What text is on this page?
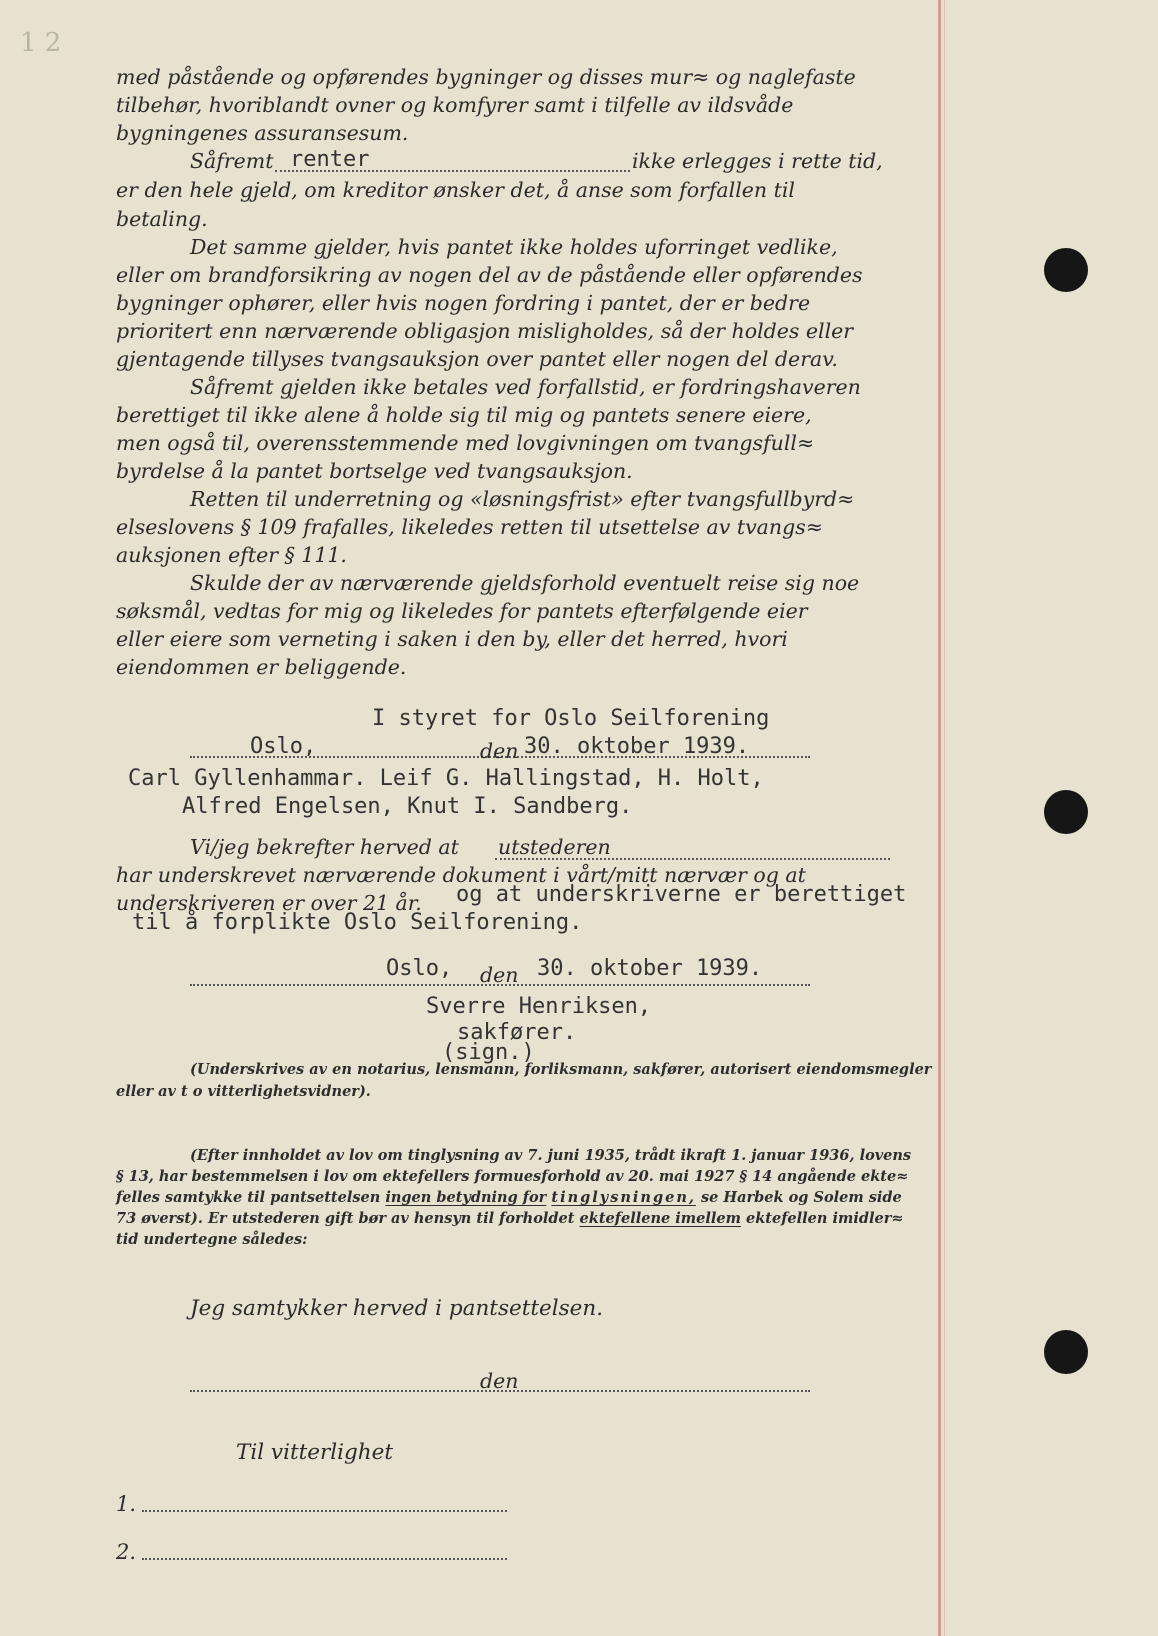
1 2
med påstående og opførendes bygninger og disses mur≈ og naglefaste
tilbehør, hvoriblandt ovner og komfyrer samt i tilfelle av ildsvåde
bygningenes assuransesum.
Såfremt renter	ikke erlegges i rette tid,
er den hele gjeld, om kreditor ønsker det, å anse som forfallen til
betaling.
Det samme gjelder, hvis pantet ikke holdes uforringet vedlike,
eller om brandforsikring av nogen del av de påstående eller opførendes
bygninger ophører, eller hvis nogen fordring i pantet, der er bedre
prioritert enn nærværende obligasjon misligholdes, så der holdes eller
gjentagende tillyses tvangsauksjon over pantet eller nogen del derav.
Såfremt gjelden ikke betales ved forfallstid, er fordringshaveren
berettiget til ikke alene å holde sig til mig og pantets senere eiere,
men også til, overensstemmende med lovgivningen om tvangsfull≈
byrdelse å la pantet bortselge ved tvangsauksjon.
Retten til underretning og «løsningsfrist» efter tvangsfullbyrd≈
elseslovens § 109 frafalles, likeledes retten til utsettelse av tvangs≈
auksjonen efter § 111.
Skulde der av nærværende gjeldsforhold eventuelt reise sig noe
søksmål, vedtas for mig og likeledes for pantets efterfølgende eier
eller eiere som verneting i saken i den by, eller det herred, hvori
eiendommen er beliggende.
I styret for Oslo Seilforening
Oslo,	den 30. oktober 1939.
Carl Gyllenhammar. Leif G. Hallingstad, H. Holt,
Alfred Engelsen, Knut I. Sandberg.
Vi/jeg bekrefter herved at utstederen
har underskrevet nærværende dokument i vårt/mitt nærvær og at
underskriveren er over 21 år. og at underskriverne er berettiget
til å forplikte Oslo Seilforening.
Oslo, den 30. oktober 1939.
Sverre Henriksen,
sakfører.
(sign.)
(Underskrives av en notarius, lensmann, forliksmann, sakfører, autorisert eiendomsmegler
eller av t o vitterlighetsvidner).
(Efter innholdet av lov om tinglysning av 7. juni 1935, trådt ikraft 1. januar 1936, lovens
§ 13, har bestemmelsen i lov om ektefellers formuesforhold av 20. mai 1927 § 14 angående ekte≈
felles samtykke til pantsettelsen ingen betydning for tinglysningen, se Harbek og Solem side
73 øverst). Er utstederen gift bør av hensyn til forholdet ektefellene imellem ektefellen imidler≈
tid undertegne således:
Jeg samtykker herved i pantsettelsen.
den
Til vitterlighet
1.
2.
